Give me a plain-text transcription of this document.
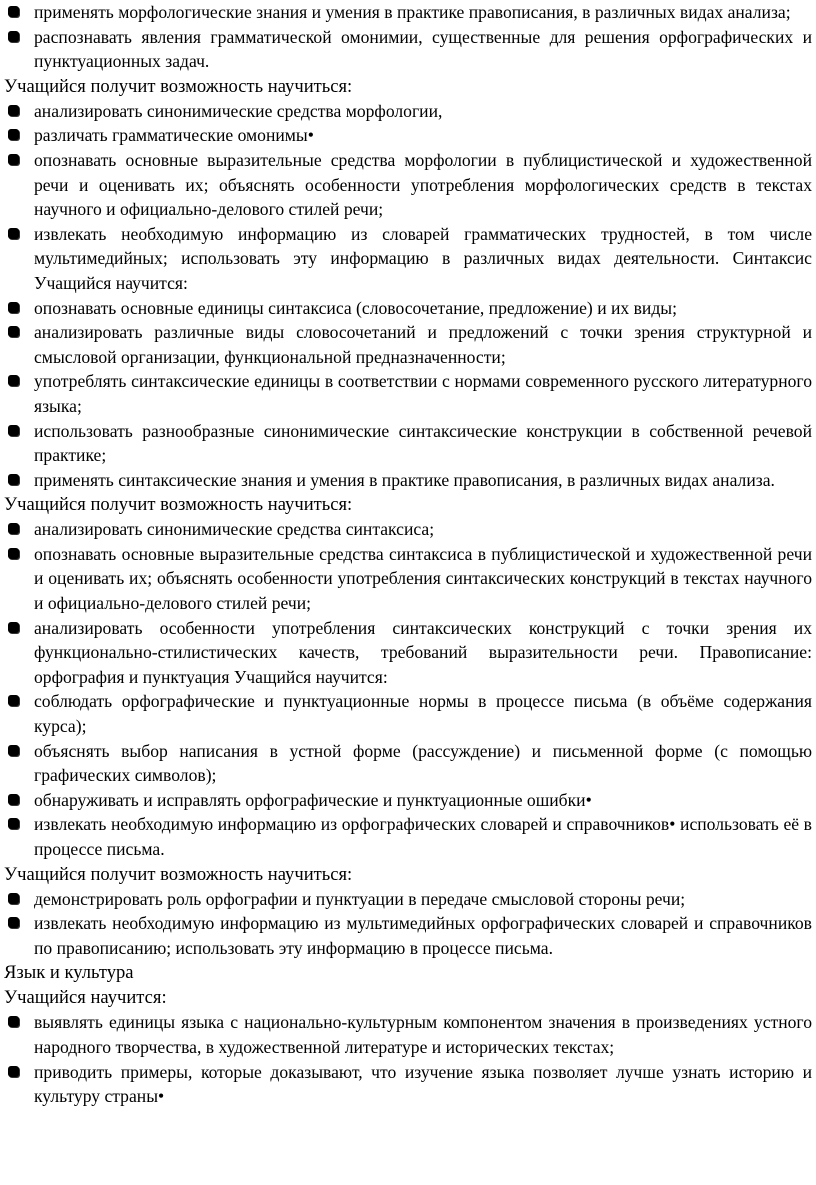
применять морфологические знания и умения в практике правописания, в различных видах анализа;
распознавать явления грамматической омонимии, существенные для решения орфографических и пунктуационных задач.

Учащийся получит возможность научиться:

анализировать синонимические средства морфологии,
различать грамматические омонимы•
опознавать основные выразительные средства морфологии в публицистической и художественной речи и оценивать их; объяснять особенности употребления морфологических средств в текстах научного и официально-делового стилей речи;
извлекать необходимую информацию из словарей грамматических трудностей, в том числе мультимедийных; использовать эту информацию в различных видах деятельности. Синтаксис Учащийся научится:
опознавать основные единицы синтаксиса (словосочетание, предложение) и их виды;
анализировать различные виды словосочетаний и предложений с точки зрения структурной и смысловой организации, функциональной предназначенности;
употреблять синтаксические единицы в соответствии с нормами современного русского литературного языка;
использовать разнообразные синонимические синтаксические конструкции в собственной речевой практике;
применять синтаксические знания и умения в практике правописания, в различных видах анализа.

Учащийся получит возможность научиться:

анализировать синонимические средства синтаксиса;
опознавать основные выразительные средства синтаксиса в публицистической и художественной речи и оценивать их; объяснять особенности употребления синтаксических конструкций в текстах научного и официально-делового стилей речи;
анализировать особенности употребления синтаксических конструкций с точки зрения их функционально-стилистических качеств, требований выразительности речи. Правописание: орфография и пунктуация Учащийся научится:
соблюдать орфографические и пунктуационные нормы в процессе письма (в объёме содержания курса);
объяснять выбор написания в устной форме (рассуждение) и письменной форме (с помощью графических символов);
обнаруживать и исправлять орфографические и пунктуационные ошибки•
извлекать необходимую информацию из орфографических словарей и справочников• использовать её в процессе письма.

Учащийся получит возможность научиться:

демонстрировать роль орфографии и пунктуации в передаче смысловой стороны речи;
извлекать необходимую информацию из мультимедийных орфографических словарей и справочников по правописанию; использовать эту информацию в процессе письма.

Язык и культура

Учащийся научится:

выявлять единицы языка с национально-культурным компонентом значения в произведениях устного народного творчества, в художественной литературе и исторических текстах;
приводить примеры, которые доказывают, что изучение языка позволяет лучше узнать историю и культуру страны•
